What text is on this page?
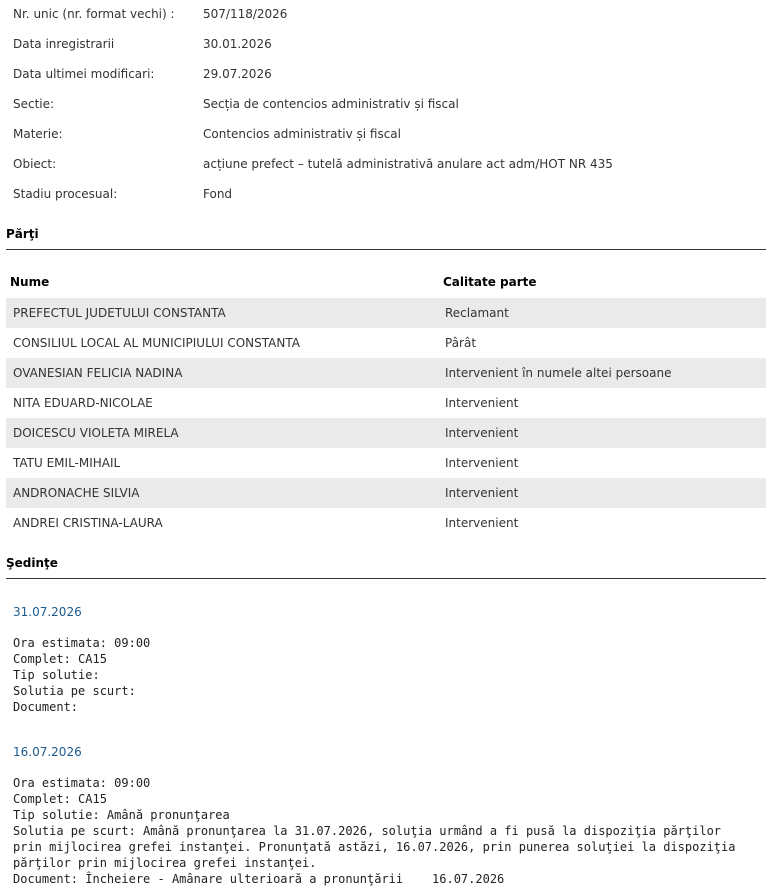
Nr. unic (nr. format vechi) : 507/118/2026
Data inregistrarii	30.01.2026
Data ultimei modificari:	29.07.2026
Sectie:	Secția de contencios administrativ și fiscal
Materie:	Contencios administrativ și fiscal
Obiect:	acțiune prefect – tutelă administrativă anulare act adm/HOT NR 435
Stadiu procesual:	Fond
Părţi
Nume	Calitate parte
PREFECTUL JUDETULUI CONSTANTA	Reclamant
CONSILIUL LOCAL AL MUNICIPIULUI CONSTANTA	Pârât
OVANESIAN FELICIA NADINA	Intervenient în numele altei persoane
NITA EDUARD-NICOLAE	Intervenient
DOICESCU VIOLETA MIRELA	Intervenient
TATU EMIL-MIHAIL	Intervenient
ANDRONACHE SILVIA	Intervenient
ANDREI CRISTINA-LAURA	Intervenient
Şedinţe
31.07.2026
Ora estimata: 09:00
Complet: CA15
Tip solutie:
Solutia pe scurt:
Document:
16.07.2026
Ora estimata: 09:00
Complet: CA15
Tip solutie: Amână pronunţarea
Solutia pe scurt: Amână pronunţarea la 31.07.2026, soluţia urmând a fi pusă la dispoziţia părţilor prin mijlocirea grefei instanţei. Pronunţată astăzi, 16.07.2026, prin punerea soluţiei la dispoziţia părţilor prin mijlocirea grefei instanţei.
Document: Încheiere - Amânare ulterioară a pronunţării    16.07.2026
